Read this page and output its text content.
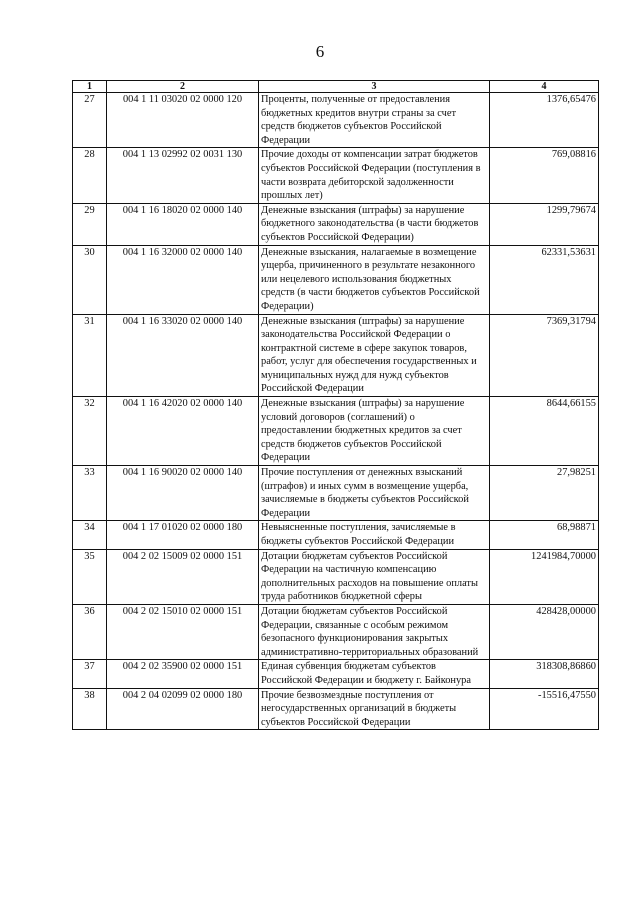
6
1	2	3	4
27	004 1 11 03020 02 0000 120	Проценты, полученные от предоставления бюджетных кредитов внутри страны за счет средств бюджетов субъектов Российской Федерации	1376,65476
28	004 1 13 02992 02 0031 130	Прочие доходы от компенсации затрат бюджетов субъектов Российской Федерации (поступления в части возврата дебиторской задолженности прошлых лет)	769,08816
29	004 1 16 18020 02 0000 140	Денежные взыскания (штрафы) за нарушение бюджетного законодательства (в части бюджетов субъектов Российской Федерации)	1299,79674
30	004 1 16 32000 02 0000 140	Денежные взыскания, налагаемые в возмещение ущерба, причиненного в результате незаконного или нецелевого использования бюджетных средств (в части бюджетов субъектов Российской Федерации)	62331,53631
31	004 1 16 33020 02 0000 140	Денежные взыскания (штрафы) за нарушение законодательства Российской Федерации о контрактной системе в сфере закупок товаров, работ, услуг для обеспечения государственных и муниципальных нужд для нужд субъектов Российской Федерации	7369,31794
32	004 1 16 42020 02 0000 140	Денежные взыскания (штрафы) за нарушение условий договоров (соглашений) о предоставлении бюджетных кредитов за счет средств бюджетов субъектов Российской Федерации	8644,66155
33	004 1 16 90020 02 0000 140	Прочие поступления от денежных взысканий (штрафов) и иных сумм в возмещение ущерба, зачисляемые в бюджеты субъектов Российской Федерации	27,98251
34	004 1 17 01020 02 0000 180	Невыясненные поступления, зачисляемые в бюджеты субъектов Российской Федерации	68,98871
35	004 2 02 15009 02 0000 151	Дотации бюджетам субъектов Российской Федерации на частичную компенсацию дополнительных расходов на повышение оплаты труда работников бюджетной сферы	1241984,70000
36	004 2 02 15010 02 0000 151	Дотации бюджетам субъектов Российской Федерации, связанные с особым режимом безопасного функционирования закрытых административно-территориальных образований	428428,00000
37	004 2 02 35900 02 0000 151	Единая субвенция бюджетам субъектов Российской Федерации и бюджету г. Байконура	318308,86860
38	004 2 04 02099 02 0000 180	Прочие безвозмездные поступления от негосударственных организаций в бюджеты субъектов Российской Федерации	-15516,47550
